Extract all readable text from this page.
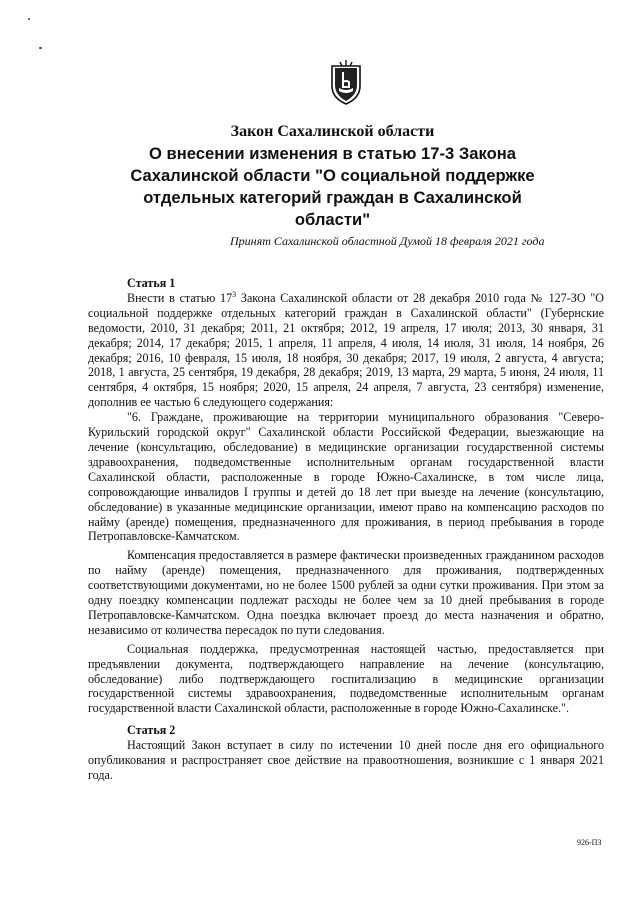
Закон Сахалинской области
О внесении изменения в статью 17-3 Закона
Сахалинской области "О социальной поддержке
отдельных категорий граждан в Сахалинской
области"
Принят Сахалинской областной Думой 18 февраля 2021 года
Статья 1

Внести в статью $17^3$ Закона Сахалинской области от 28 декабря 2010 года № 127-ЗО "О социальной поддержке отдельных категорий граждан в Сахалинской области" (Губернские ведомости, 2010, 31 декабря; 2011, 21 октября; 2012, 19 апреля, 17 июля; 2013, 30 января, 31 декабря; 2014, 17 декабря; 2015, 1 апреля, 11 апреля, 4 июля, 14 июля, 31 июля, 14 ноября, 26 декабря; 2016, 10 февраля, 15 июля, 18 ноября, 30 декабря; 2017, 19 июля, 2 августа, 4 августа; 2018, 1 августа, 25 сентября, 19 декабря, 28 декабря; 2019, 13 марта, 29 марта, 5 июня, 24 июля, 11 сентября, 4 октября, 15 ноября; 2020, 15 апреля, 24 апреля, 7 августа, 23 сентября) изменение, дополнив ее частью 6 следующего содержания:

"6. Граждане, проживающие на территории муниципального образования "Северо-Курильский городской округ" Сахалинской области Российской Федерации, выезжающие на лечение (консультацию, обследование) в медицинские организации государственной системы здравоохранения, подведомственные исполнительным органам государственной власти Сахалинской области, расположенные в городе Южно-Сахалинске, в том числе лица, сопровождающие инвалидов I группы и детей до 18 лет при выезде на лечение (консультацию, обследование) в указанные медицинские организации, имеют право на компенсацию расходов по найму (аренде) помещения, предназначенного для проживания, в период пребывания в городе Петропавловске-Камчатском.

Компенсация предоставляется в размере фактически произведенных гражданином расходов по найму (аренде) помещения, предназначенного для проживания, подтвержденных соответствующими документами, но не более 1500 рублей за одни сутки проживания. При этом за одну поездку компенсации подлежат расходы не более чем за 10 дней пребывания в городе Петропавловске-Камчатском. Одна поездка включает проезд до места назначения и обратно, независимо от количества пересадок по пути следования.

Социальная поддержка, предусмотренная настоящей частью, предоставляется при предъявлении документа, подтверждающего направление на лечение (консультацию, обследование) либо подтверждающего госпитализацию в медицинские организации государственной системы здравоохранения, подведомственные исполнительным органам государственной власти Сахалинской области, расположенные в городе Южно-Сахалинске.".

Статья 2

Настоящий Закон вступает в силу по истечении 10 дней после дня его официального опубликования и распространяет свое действие на правоотношения, возникшие с 1 января 2021 года.

926-ПЗ
